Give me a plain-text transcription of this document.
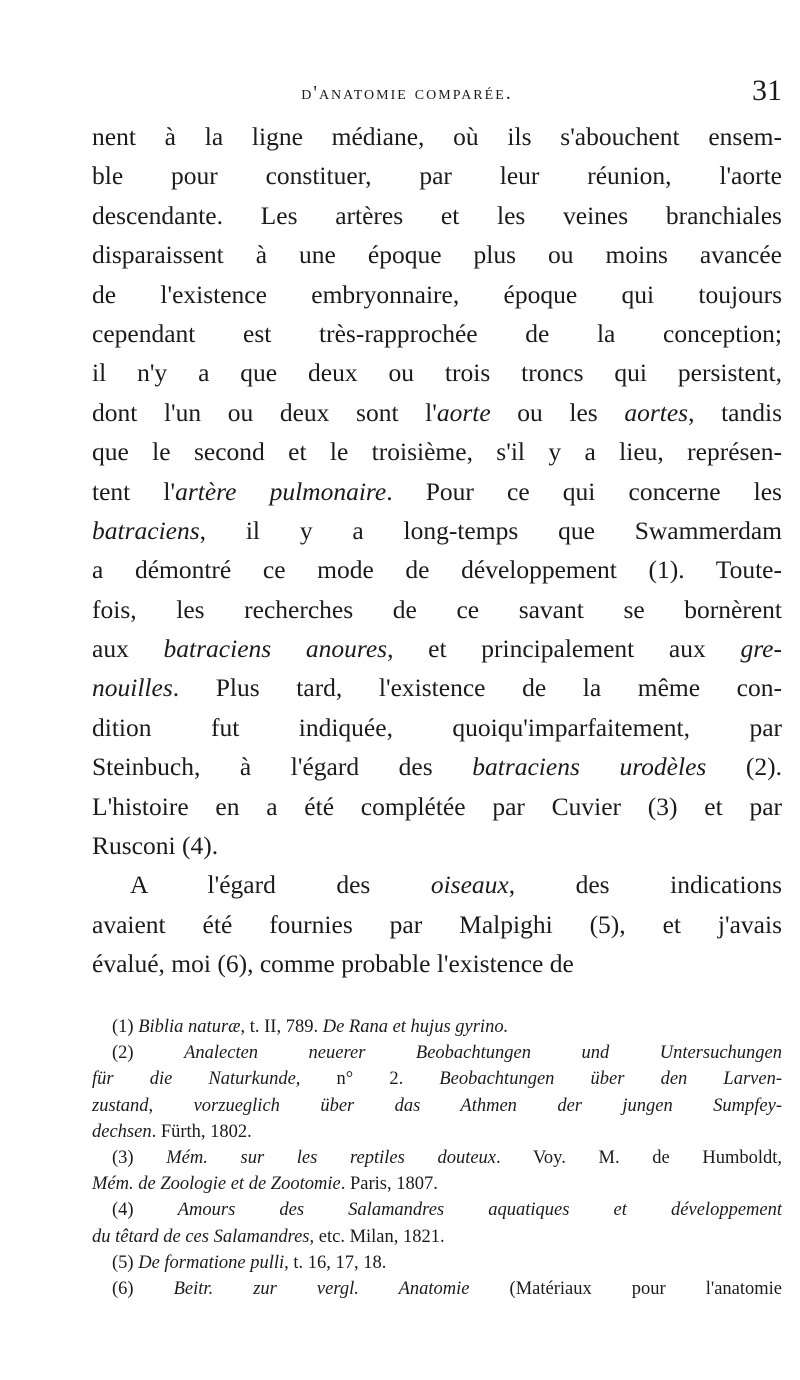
d'anatomie comparée.	31
nent à la ligne médiane, où ils s'abouchent ensem-
ble pour constituer, par leur réunion, l'aorte
descendante. Les artères et les veines branchiales
disparaissent à une époque plus ou moins avancée
de l'existence embryonnaire, époque qui toujours
cependant est très-rapprochée de la conception;
il n'y a que deux ou trois troncs qui persistent,
dont l'un ou deux sont l'aorte ou les aortes, tandis
que le second et le troisième, s'il y a lieu, représen-
tent l'artère pulmonaire. Pour ce qui concerne les
batraciens, il y a long-temps que Swammerdam
a démontré ce mode de développement (1). Toute-
fois, les recherches de ce savant se bornèrent
aux batraciens anoures, et principalement aux gre-
nouilles. Plus tard, l'existence de la même con-
dition fut indiquée, quoiqu'imparfaitement, par
Steinbuch, à l'égard des batraciens urodèles (2).
L'histoire en a été complétée par Cuvier (3) et par
Rusconi (4).
A l'égard des oiseaux, des indications
avaient été fournies par Malpighi (5), et j'avais
évalué, moi (6), comme probable l'existence de
(1) Biblia naturæ, t. II, 789. De Rana et hujus gyrino.
(2) Analecten neuerer Beobachtungen und Untersuchungen
für die Naturkunde, n° 2. Beobachtungen über den Larven-
zustand, vorzueglich über das Athmen der jungen Sumpfey-
dechsen. Fürth, 1802.
(3) Mém. sur les reptiles douteux. Voy. M. de Humboldt,
Mém. de Zoologie et de Zootomie. Paris, 1807.
(4) Amours des Salamandres aquatiques et développement
du têtard de ces Salamandres, etc. Milan, 1821.
(5) De formatione pulli, t. 16, 17, 18.
(6) Beitr. zur vergl. Anatomie (Matériaux pour l'anatomie
